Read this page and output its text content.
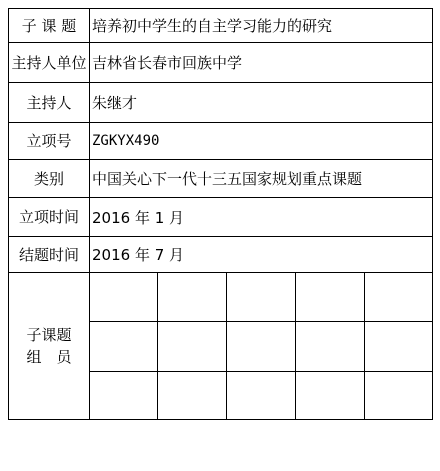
子 课 题	培养初中学生的自主学习能力的研究				
主持人单位	吉林省长春市回族中学				
主持人	朱继才				
立项号	ZGKYX490				
类别	中国关心下一代十三五国家规划重点课题				
立项时间	2016 年 1 月				
结题时间	2016 年 7 月				
子课题
组　员					
